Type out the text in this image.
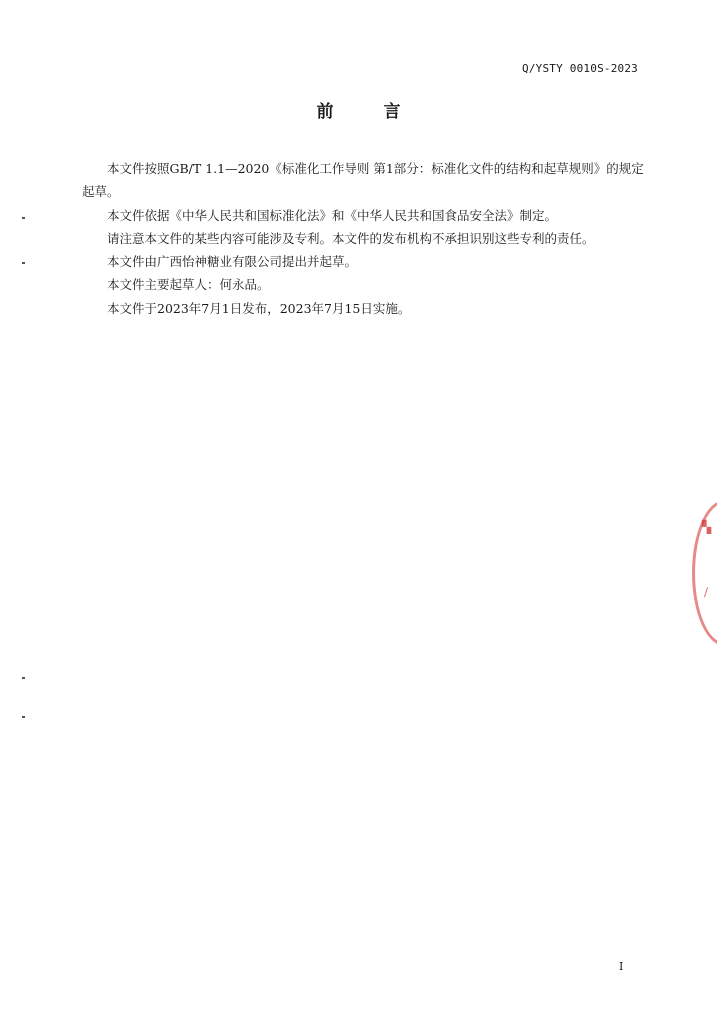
Q/YSTY 0010S-2023
前 言

本文件按照GB/T 1.1—2020《标准化工作导则 第1部分：标准化文件的结构和起草规则》的规定起草。

本文件依据《中华人民共和国标准化法》和《中华人民共和国食品安全法》制定。

请注意本文件的某些内容可能涉及专利。本文件的发布机构不承担识别这些专利的责任。

本文件由广西怡神糖业有限公司提出并起草。

本文件主要起草人：何永品。

本文件于2023年7月1日发布，2023年7月15日实施。

▚
∕
I
